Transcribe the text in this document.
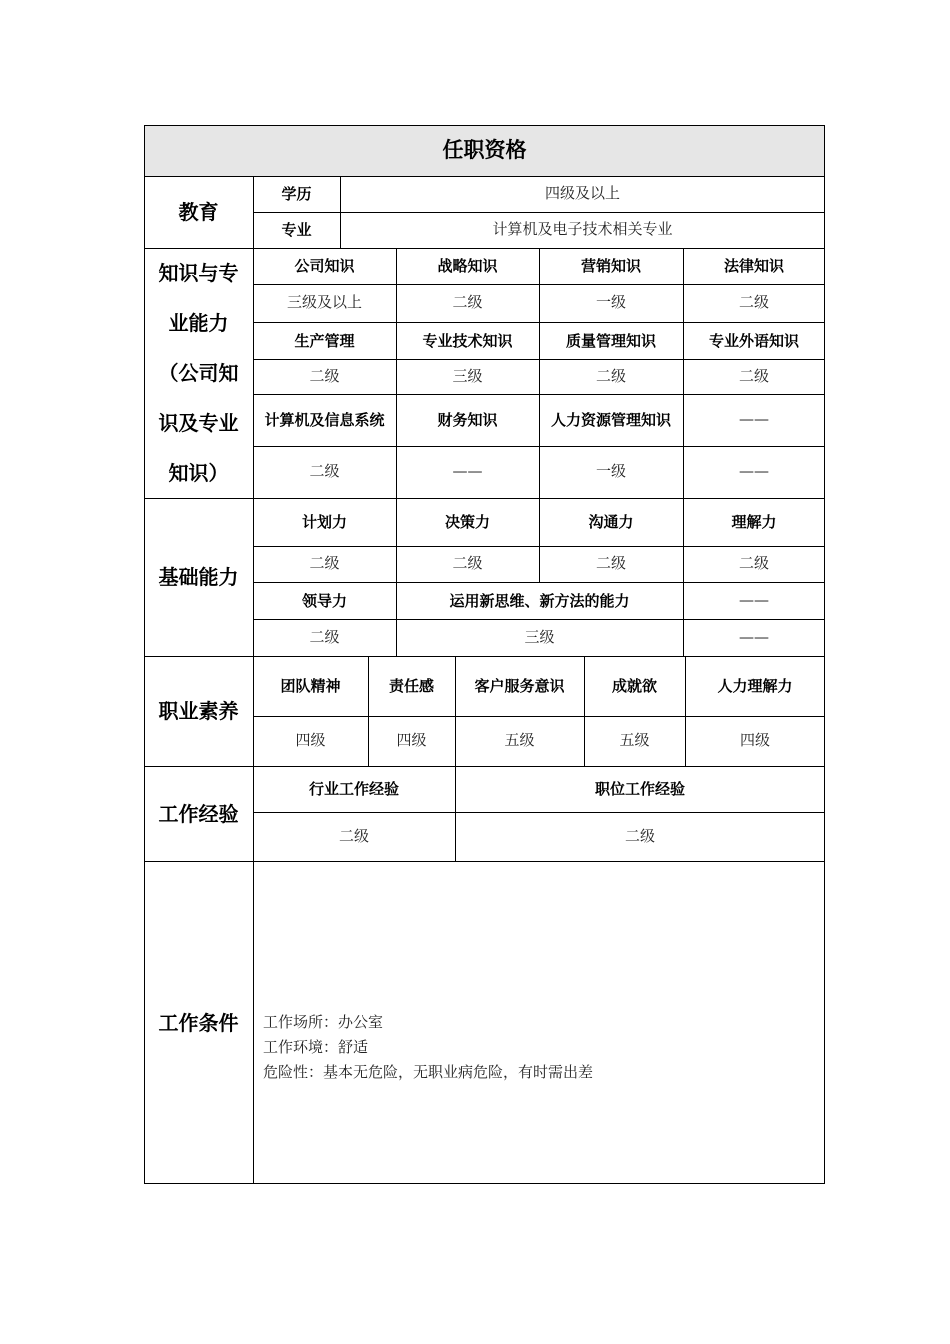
任职资格
教育
学历	四级及以上
专业	计算机及电子技术相关专业
知识与专
业能力
（公司知
识及专业
知识）
公司知识	战略知识	营销知识	法律知识
三级及以上	二级	一级	二级
生产管理	专业技术知识	质量管理知识	专业外语知识
二级	三级	二级	二级
计算机及信息系统	财务知识	人力资源管理知识	——
二级	——	一级	——
基础能力
计划力	决策力	沟通力	理解力
二级	二级	二级	二级
领导力	运用新思维、新方法的能力	——
二级	三级	——
职业素养
团队精神	责任感	客户服务意识	成就欲	人力理解力
四级	四级	五级	五级	四级
工作经验
行业工作经验	职位工作经验
二级	二级
工作条件	工作场所：办公室
工作环境：舒适
危险性：基本无危险，无职业病危险，有时需出差
